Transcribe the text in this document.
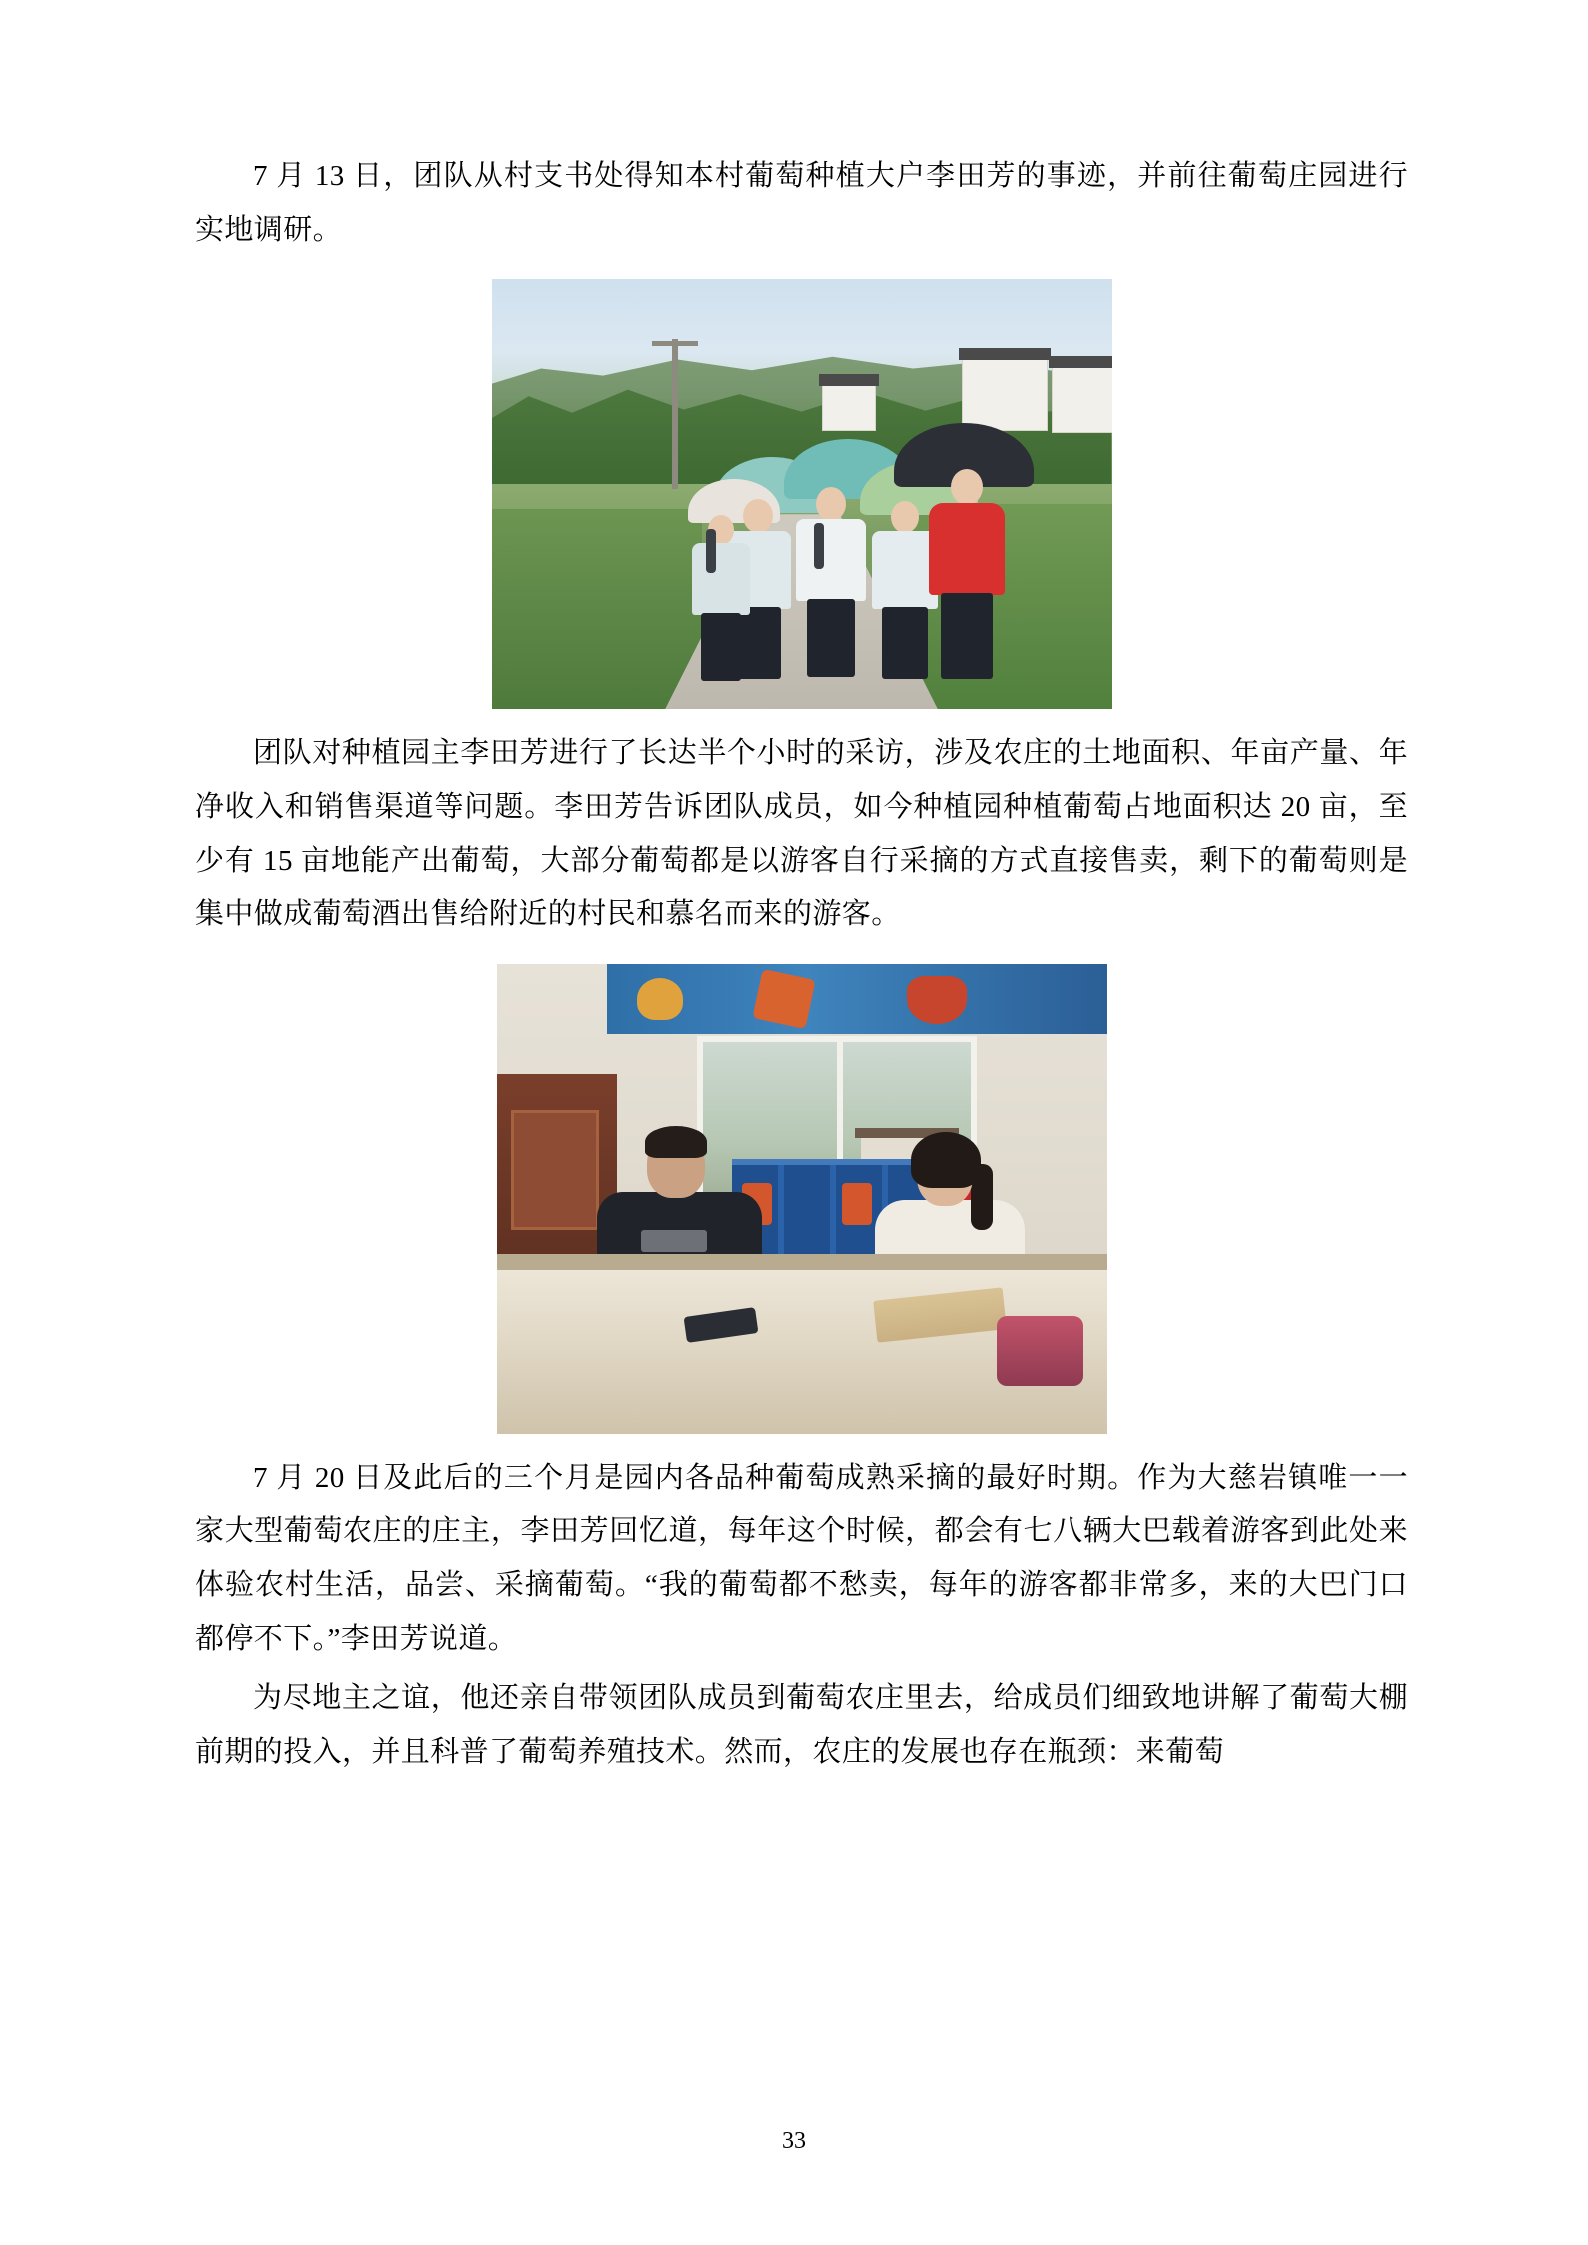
7 月 13 日，团队从村支书处得知本村葡萄种植大户李田芳的事迹，并前往葡萄庄园进行实地调研。

团队对种植园主李田芳进行了长达半个小时的采访，涉及农庄的土地面积、年亩产量、年净收入和销售渠道等问题。李田芳告诉团队成员，如今种植园种植葡萄占地面积达 20 亩，至少有 15 亩地能产出葡萄，大部分葡萄都是以游客自行采摘的方式直接售卖，剩下的葡萄则是集中做成葡萄酒出售给附近的村民和慕名而来的游客。

7 月 20 日及此后的三个月是园内各品种葡萄成熟采摘的最好时期。作为大慈岩镇唯一一家大型葡萄农庄的庄主，李田芳回忆道，每年这个时候，都会有七八辆大巴载着游客到此处来体验农村生活，品尝、采摘葡萄。“我的葡萄都不愁卖，每年的游客都非常多，来的大巴门口都停不下。”李田芳说道。

为尽地主之谊，他还亲自带领团队成员到葡萄农庄里去，给成员们细致地讲解了葡萄大棚前期的投入，并且科普了葡萄养殖技术。然而，农庄的发展也存在瓶颈：来葡萄

33
